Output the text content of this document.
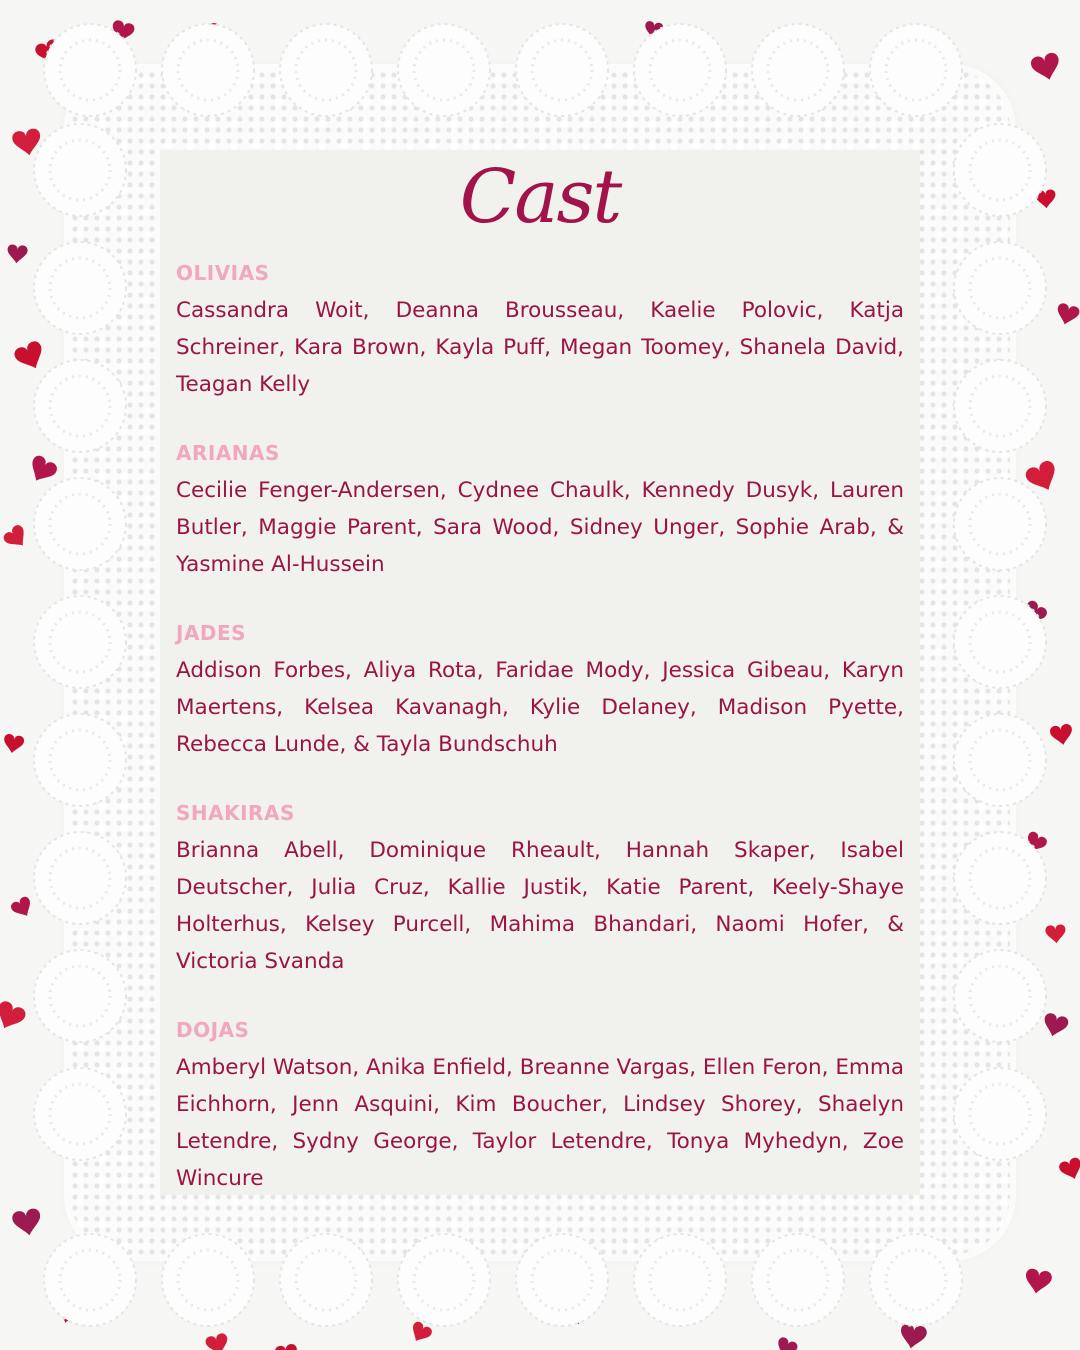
Cast
OLIVIAS

Cassandra Woit, Deanna Brousseau, Kaelie Polovic, Katja Schreiner, Kara Brown, Kayla Puff, Megan Toomey, Shanela David, Teagan Kelly

ARIANAS

Cecilie Fenger-Andersen, Cydnee Chaulk, Kennedy Dusyk, Lauren Butler, Maggie Parent, Sara Wood, Sidney Unger, Sophie Arab, & Yasmine Al-Hussein

JADES

Addison Forbes, Aliya Rota, Faridae Mody, Jessica Gibeau, Karyn Maertens, Kelsea Kavanagh, Kylie Delaney, Madison Pyette, Rebecca Lunde, & Tayla Bundschuh

SHAKIRAS

Brianna Abell, Dominique Rheault, Hannah Skaper, Isabel Deutscher, Julia Cruz, Kallie Justik, Katie Parent, Keely-Shaye Holterhus, Kelsey Purcell, Mahima Bhandari, Naomi Hofer, & Victoria Svanda

DOJAS

Amberyl Watson, Anika Enfield, Breanne Vargas, Ellen Feron, Emma Eichhorn, Jenn Asquini, Kim Boucher, Lindsey Shorey, Shaelyn Letendre, Sydny George, Taylor Letendre, Tonya Myhedyn, Zoe Wincure
